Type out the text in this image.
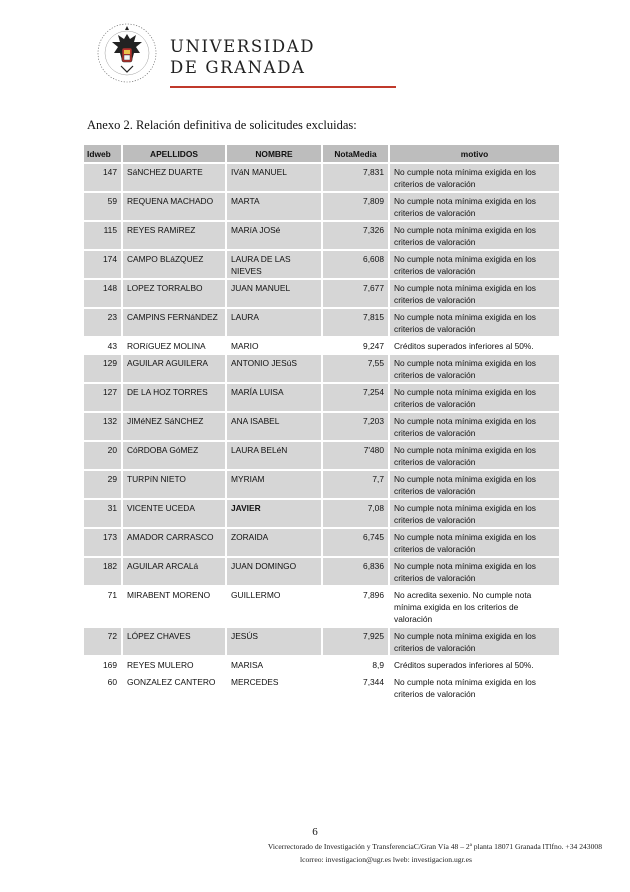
UNIVERSIDAD
DE GRANADA
Anexo 2. Relación definitiva de solicitudes excluidas:
Idweb	APELLIDOS	NOMBRE	NotaMedia	motivo
147	SáNCHEZ DUARTE	IVáN MANUEL	7,831	No cumple nota mínima exigida en los criterios de valoración
59	REQUENA MACHADO	MARTA	7,809	No cumple nota mínima exigida en los criterios de valoración
115	REYES RAMíREZ	MARíA JOSé	7,326	No cumple nota mínima exigida en los criterios de valoración
174	CAMPO BLáZQUEZ	LAURA DE LAS NIEVES	6,608	No cumple nota mínima exigida en los criterios de valoración
148	LOPEZ TORRALBO	JUAN MANUEL	7,677	No cumple nota mínima exigida en los criterios de valoración
23	CAMPINS FERNáNDEZ	LAURA	7,815	No cumple nota mínima exigida en los criterios de valoración
43	RORíGUEZ MOLINA	MARIO	9,247	Créditos superados inferiores al 50%.
129	AGUILAR AGUILERA	ANTONIO JESúS	7,55	No cumple nota mínima exigida en los criterios de valoración
127	DE LA HOZ TORRES	MARÍA LUISA	7,254	No cumple nota mínima exigida en los criterios de valoración
132	JIMéNEZ SáNCHEZ	ANA ISABEL	7,203	No cumple nota mínima exigida en los criterios de valoración
20	CóRDOBA GóMEZ	LAURA BELéN	7'480	No cumple nota mínima exigida en los criterios de valoración
29	TURPíN NIETO	MYRIAM	7,7	No cumple nota mínima exigida en los criterios de valoración
31	VICENTE UCEDA	JAVIER	7,08	No cumple nota mínima exigida en los criterios de valoración
173	AMADOR CARRASCO	ZORAIDA	6,745	No cumple nota mínima exigida en los criterios de valoración
182	AGUILAR ARCALá	JUAN DOMINGO	6,836	No cumple nota mínima exigida en los criterios de valoración
71	MIRABENT MORENO	GUILLERMO	7,896	No acredita sexenio. No cumple nota mínima exigida en los criterios de valoración
72	LÓPEZ CHAVES	JESÚS	7,925	No cumple nota mínima exigida en los criterios de valoración
169	REYES MULERO	MARISA	8,9	Créditos superados inferiores al 50%.
60	GONZALEZ CANTERO	MERCEDES	7,344	No cumple nota mínima exigida en los criterios de valoración
6
Vicerrectorado de Investigación y TransferenciaC/Gran Vía 48 – 2ª planta 18071 Granada lTlfno. +34 243008
lcorreo: investigacion@ugr.es lweb: investigacion.ugr.es
